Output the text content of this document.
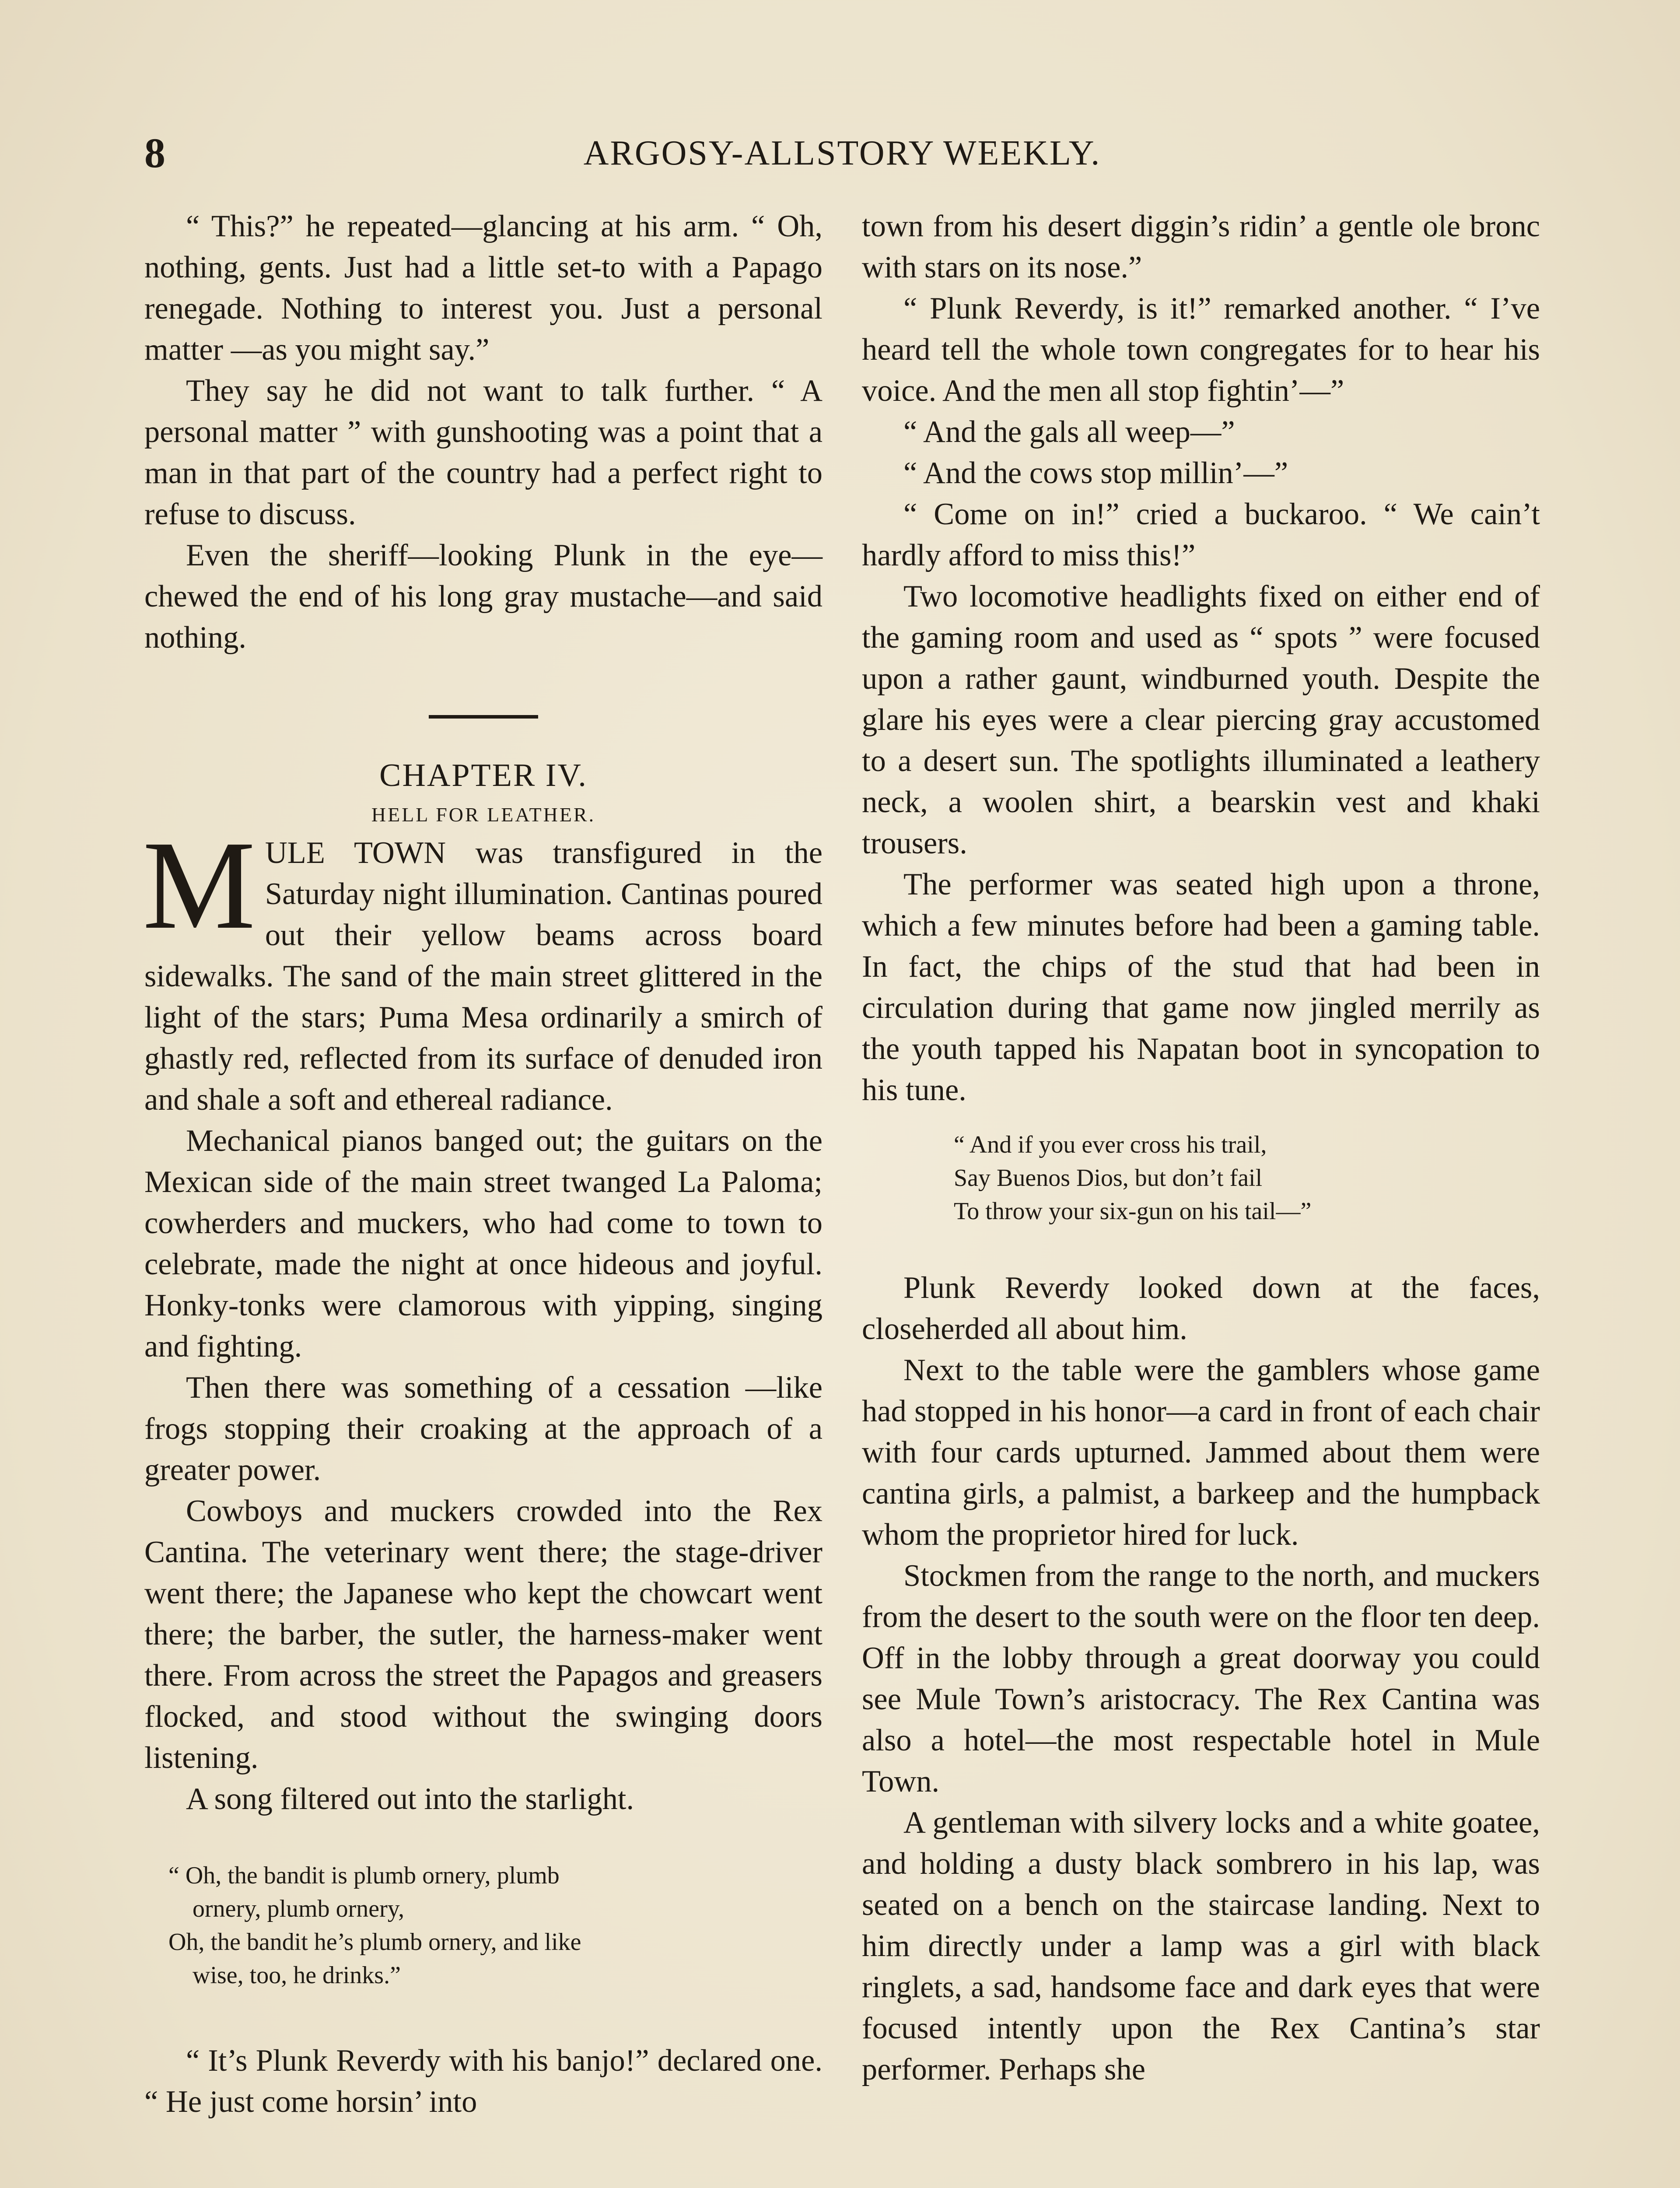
8	ARGOSY-ALLSTORY WEEKLY.

“ This?” he repeated—glancing at his arm. “ Oh, nothing, gents. Just had a little set-to with a Papago renegade. Nothing to interest you. Just a personal matter —as you might say.”

They say he did not want to talk further. “ A personal matter ” with gunshooting was a point that a man in that part of the country had a perfect right to refuse to discuss.

Even the sheriff—looking Plunk in the eye—chewed the end of his long gray mustache—and said nothing.

CHAPTER IV.

HELL FOR LEATHER.

MULE TOWN was transfigured in the Saturday night illumination. Cantinas poured out their yellow beams across board sidewalks. The sand of the main street glittered in the light of the stars; Puma Mesa ordinarily a smirch of ghastly red, reflected from its surface of denuded iron and shale a soft and ethereal radiance.

Mechanical pianos banged out; the guitars on the Mexican side of the main street twanged La Paloma; cowherders and muckers, who had come to town to celebrate, made the night at once hideous and joyful. Honky-tonks were clamorous with yipping, singing and fighting.

Then there was something of a cessation —like frogs stopping their croaking at the approach of a greater power.

Cowboys and muckers crowded into the Rex Cantina. The veterinary went there; the stage-driver went there; the Japanese who kept the chowcart went there; the barber, the sutler, the harness-maker went there. From across the street the Papagos and greasers flocked, and stood without the swinging doors listening.

A song filtered out into the starlight.

“ Oh, the bandit is plumb ornery, plumb
ornery, plumb ornery,
Oh, the bandit he’s plumb ornery, and like
wise, too, he drinks.”

“ It’s Plunk Reverdy with his banjo!” declared one. “ He just come horsin’ into

town from his desert diggin’s ridin’ a gentle ole bronc with stars on its nose.”

“ Plunk Reverdy, is it!” remarked another. “ I’ve heard tell the whole town congregates for to hear his voice. And the men all stop fightin’—”

“ And the gals all weep—”

“ And the cows stop millin’—”

“ Come on in!” cried a buckaroo. “ We cain’t hardly afford to miss this!”

Two locomotive headlights fixed on either end of the gaming room and used as “ spots ” were focused upon a rather gaunt, windburned youth. Despite the glare his eyes were a clear piercing gray accustomed to a desert sun. The spotlights illuminated a leathery neck, a woolen shirt, a bearskin vest and khaki trousers.

The performer was seated high upon a throne, which a few minutes before had been a gaming table. In fact, the chips of the stud that had been in circulation during that game now jingled merrily as the youth tapped his Napatan boot in syncopation to his tune.

“ And if you ever cross his trail,
Say Buenos Dios, but don’t fail
To throw your six-gun on his tail—”

Plunk Reverdy looked down at the faces, closeherded all about him.

Next to the table were the gamblers whose game had stopped in his honor—a card in front of each chair with four cards upturned. Jammed about them were cantina girls, a palmist, a barkeep and the humpback whom the proprietor hired for luck.

Stockmen from the range to the north, and muckers from the desert to the south were on the floor ten deep. Off in the lobby through a great doorway you could see Mule Town’s aristocracy. The Rex Cantina was also a hotel—the most respectable hotel in Mule Town.

A gentleman with silvery locks and a white goatee, and holding a dusty black sombrero in his lap, was seated on a bench on the staircase landing. Next to him directly under a lamp was a girl with black ringlets, a sad, handsome face and dark eyes that were focused intently upon the Rex Cantina’s star performer. Perhaps she
